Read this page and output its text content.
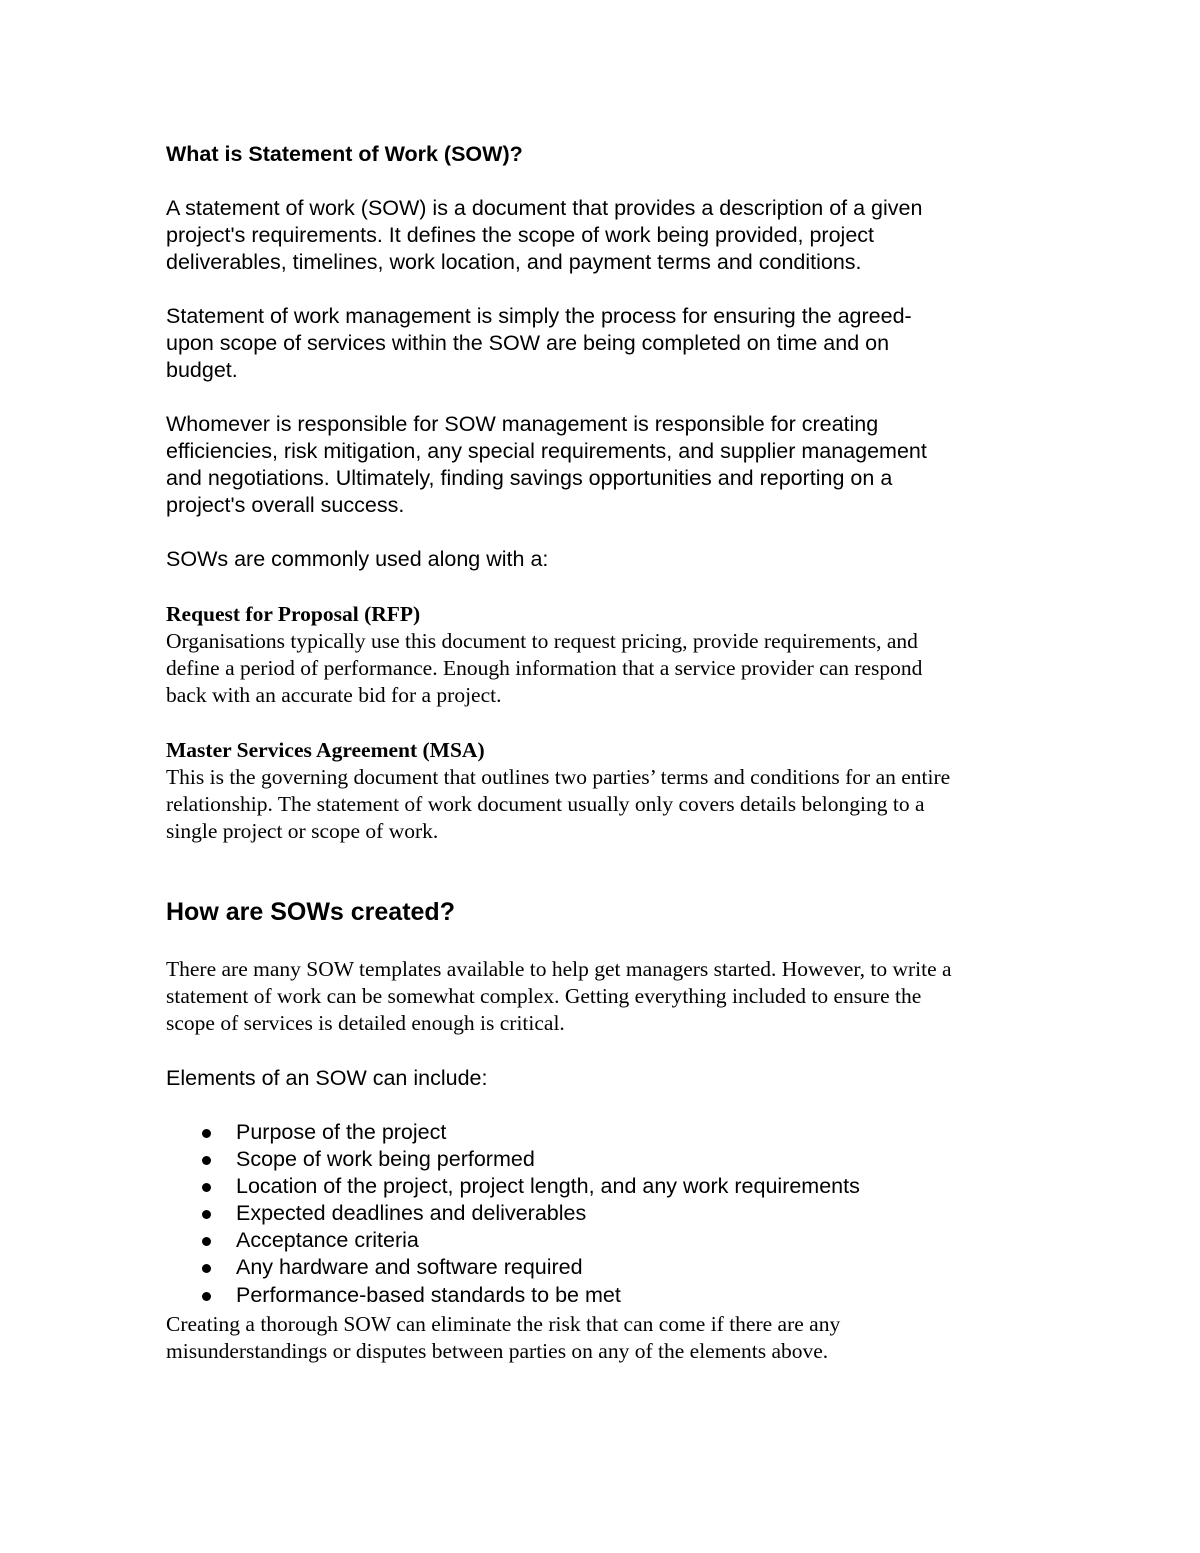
What is Statement of Work (SOW)?
A statement of work (SOW) is a document that provides a description of a given
project's requirements. It defines the scope of work being provided, project
deliverables, timelines, work location, and payment terms and conditions.
Statement of work management is simply the process for ensuring the agreed-
upon scope of services within the SOW are being completed on time and on
budget.
Whomever is responsible for SOW management is responsible for creating
efficiencies, risk mitigation, any special requirements, and supplier management
and negotiations. Ultimately, finding savings opportunities and reporting on a
project's overall success.
SOWs are commonly used along with a:
Request for Proposal (RFP)
Organisations typically use this document to request pricing, provide requirements, and
define a period of performance. Enough information that a service provider can respond
back with an accurate bid for a project.
Master Services Agreement (MSA)
This is the governing document that outlines two parties’ terms and conditions for an entire
relationship. The statement of work document usually only covers details belonging to a
single project or scope of work.
How are SOWs created?
There are many SOW templates available to help get managers started. However, to write a
statement of work can be somewhat complex. Getting everything included to ensure the
scope of services is detailed enough is critical.
Elements of an SOW can include:
Purpose of the project
Scope of work being performed
Location of the project, project length, and any work requirements
Expected deadlines and deliverables
Acceptance criteria
Any hardware and software required
Performance-based standards to be met
Creating a thorough SOW can eliminate the risk that can come if there are any
misunderstandings or disputes between parties on any of the elements above.
